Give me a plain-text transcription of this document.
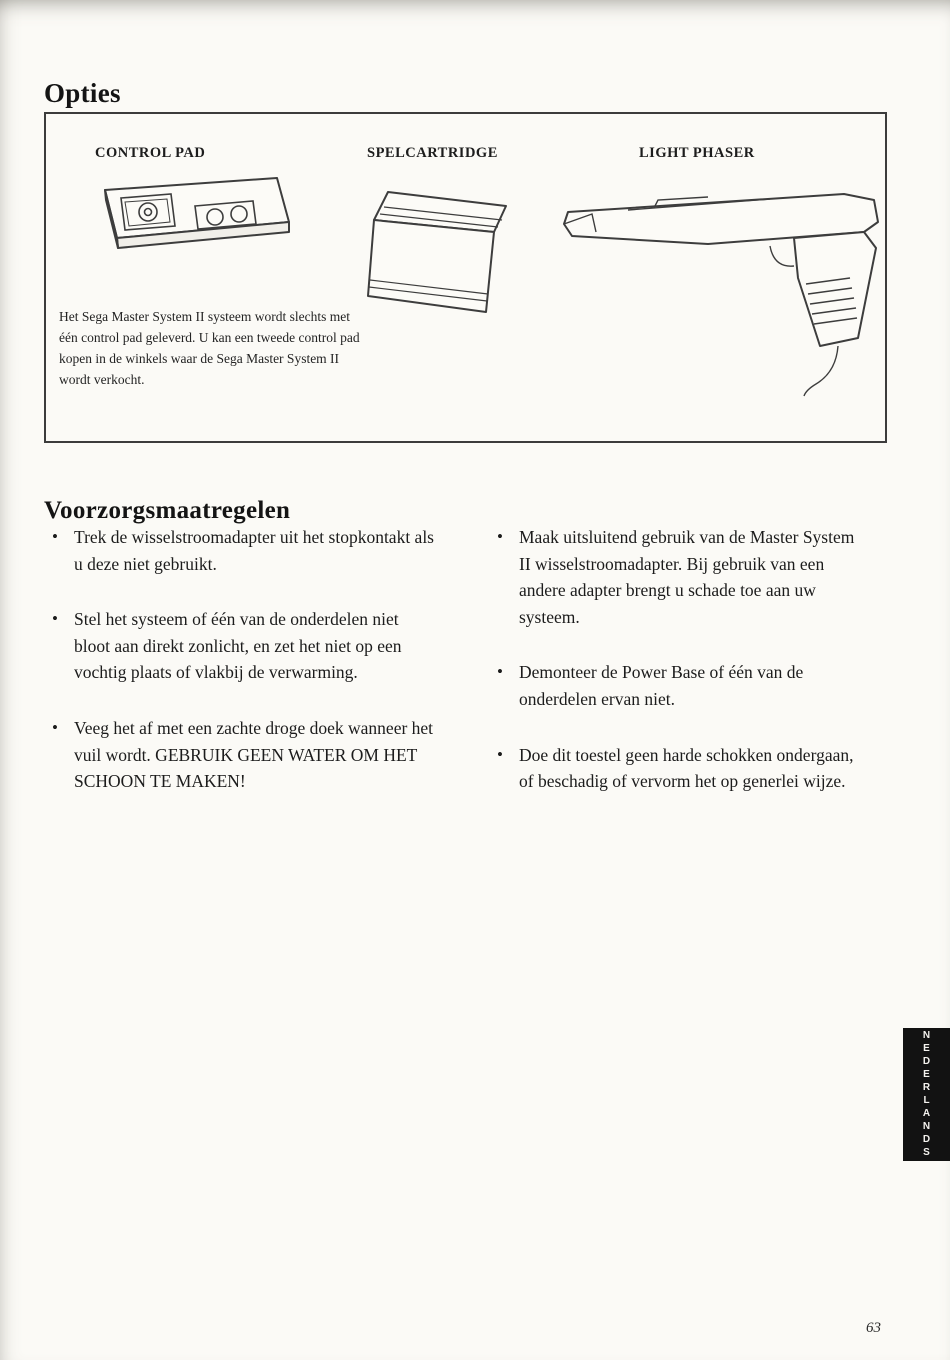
Opties
CONTROL PAD	SPELCARTRIDGE	LIGHT PHASER

Het Sega Master System II systeem wordt slechts met één control pad geleverd. U kan een tweede control pad kopen in de winkels waar de Sega Master System II wordt verkocht.

Voorzorgsmaatregelen
• Trek de wisselstroomadapter uit het stopkontakt als u deze niet gebruikt.
• Stel het systeem of één van de onderdelen niet bloot aan direkt zonlicht, en zet het niet op een vochtig plaats of vlakbij de verwarming.
• Veeg het af met een zachte droge doek wanneer het vuil wordt. GEBRUIK GEEN WATER OM HET SCHOON TE MAKEN!
• Maak uitsluitend gebruik van de Master System II wisselstroomadapter. Bij gebruik van een andere adapter brengt u schade toe aan uw systeem.
• Demonteer de Power Base of één van de onderdelen ervan niet.
• Doe dit toestel geen harde schokken ondergaan, of beschadig of vervorm het op generlei wijze.
NEDERLANDS
63
